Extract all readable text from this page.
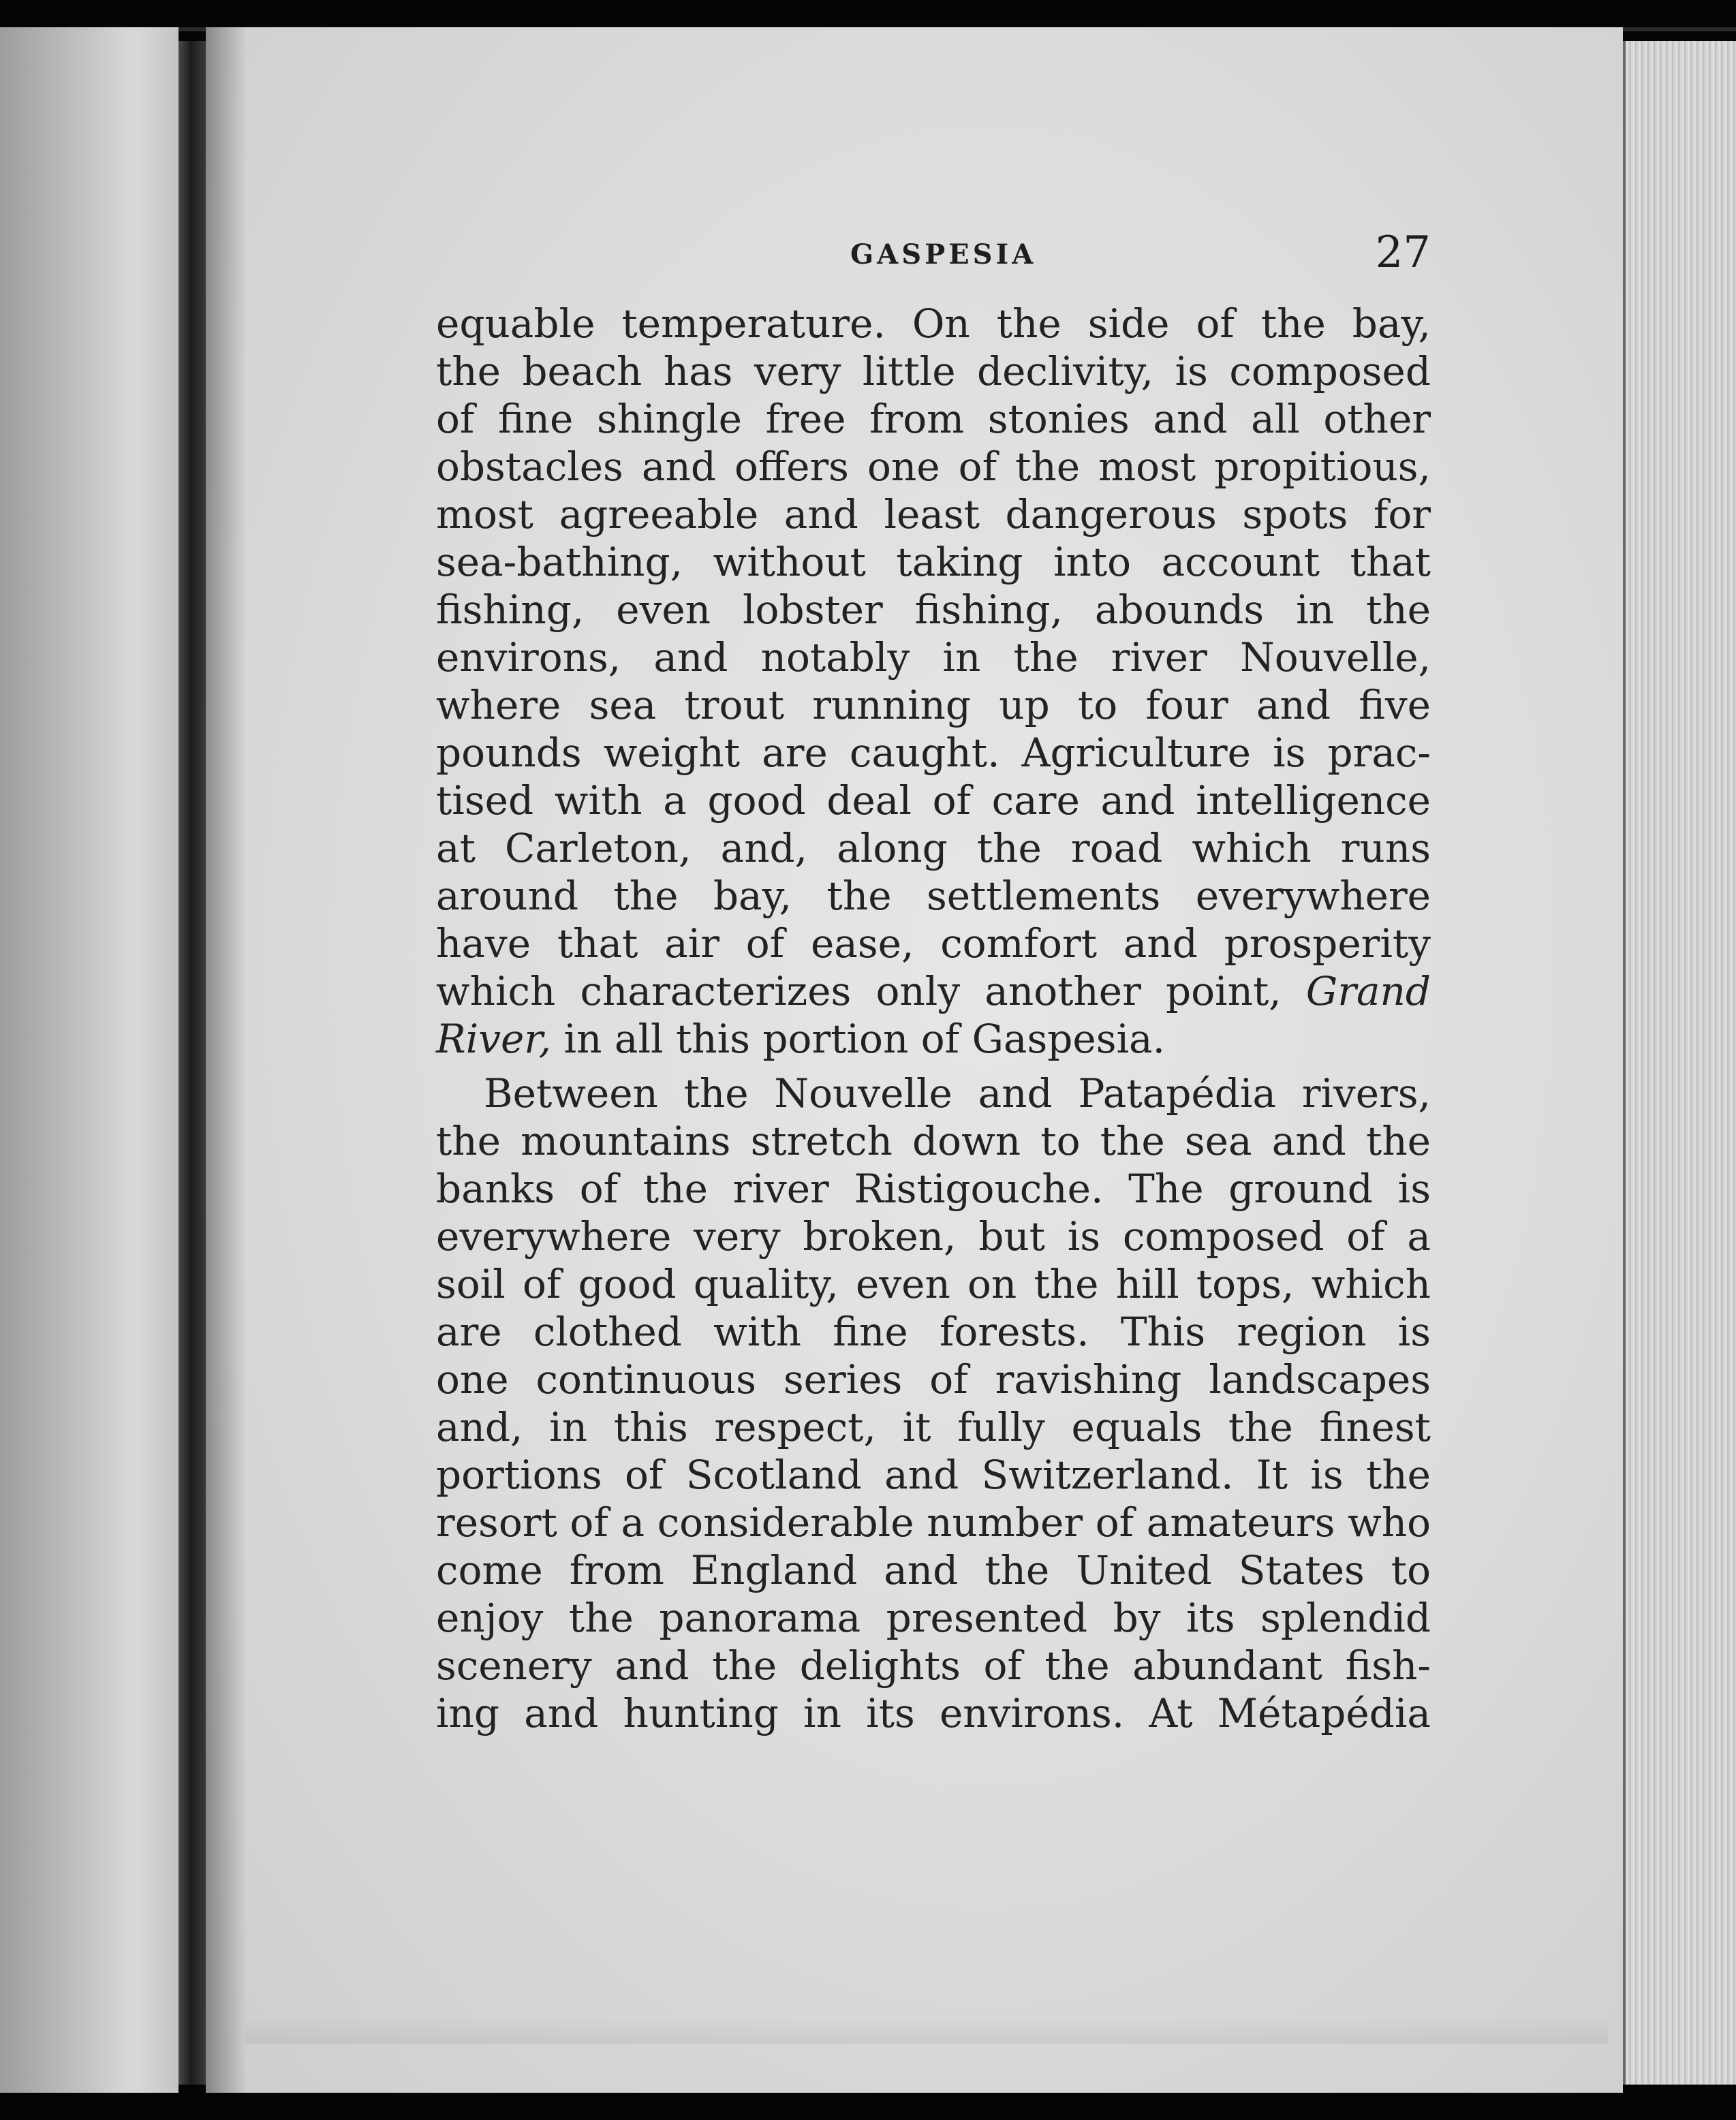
GASPESIA	27

equable temperature. On the side of the bay,
the beach has very little declivity, is composed
of fine shingle free from stonies and all other
obstacles and offers one of the most propitious,
most agreeable and least dangerous spots for
sea-bathing, without taking into account that
fishing, even lobster fishing, abounds in the
environs, and notably in the river Nouvelle,
where sea trout running up to four and five
pounds weight are caught. Agriculture is prac-
tised with a good deal of care and intelligence
at Carleton, and, along the road which runs
around the bay, the settlements everywhere
have that air of ease, comfort and prosperity
which characterizes only another point, Grand
River, in all this portion of Gaspesia.

Between the Nouvelle and Patapédia rivers,
the mountains stretch down to the sea and the
banks of the river Ristigouche. The ground is
everywhere very broken, but is composed of a
soil of good quality, even on the hill tops, which
are clothed with fine forests. This region is
one continuous series of ravishing landscapes
and, in this respect, it fully equals the finest
portions of Scotland and Switzerland. It is the
resort of a considerable number of amateurs who
come from England and the United States to
enjoy the panorama presented by its splendid
scenery and the delights of the abundant fish-
ing and hunting in its environs. At Métapédia
